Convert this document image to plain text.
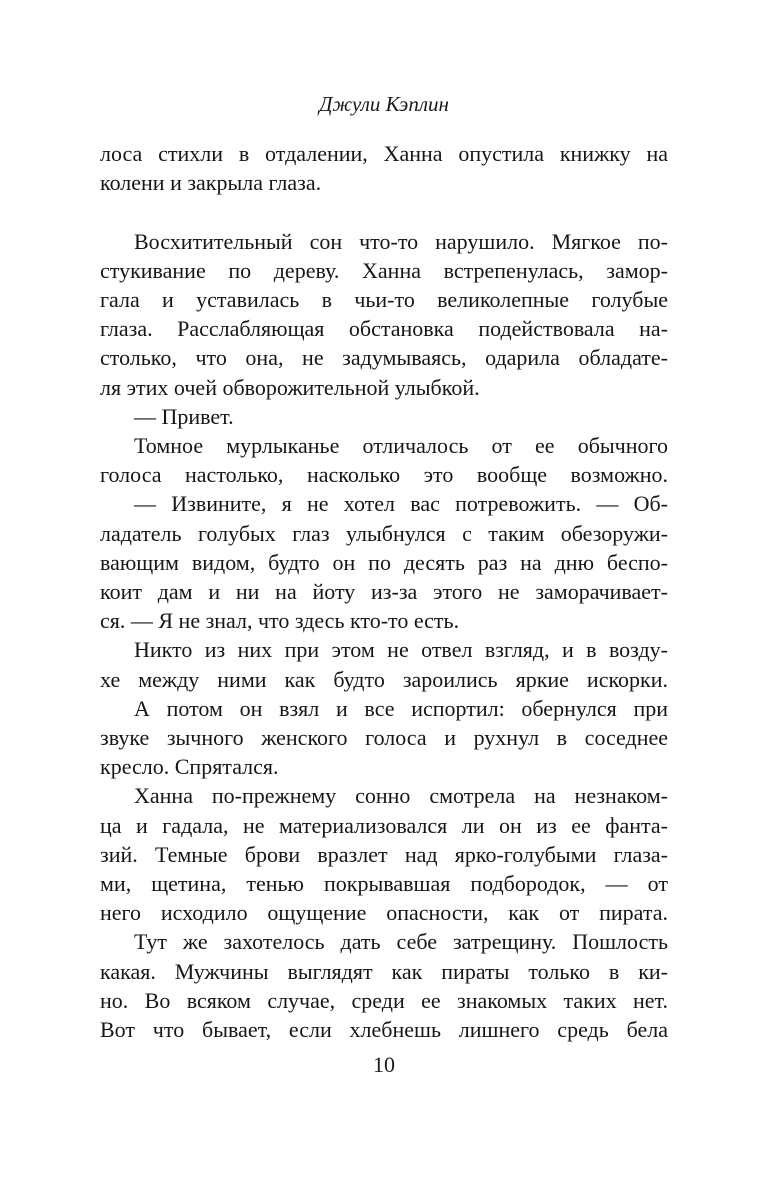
Джули Кэплин
лоса стихли в отдалении, Ханна опустила книжку на
колени и закрыла глаза.
Восхитительный сон что-то нарушило. Мягкое по-
стукивание по дереву. Ханна встрепенулась, замор-
гала и уставилась в чьи-то великолепные голубые
глаза. Расслабляющая обстановка подействовала на-
столько, что она, не задумываясь, одарила обладате-
ля этих очей обворожительной улыбкой.
— Привет.
Томное мурлыканье отличалось от ее обычного
голоса настолько, насколько это вообще возможно.
— Извините, я не хотел вас потревожить. — Об-
ладатель голубых глаз улыбнулся с таким обезоружи-
вающим видом, будто он по десять раз на дню беспо-
коит дам и ни на йоту из-за этого не заморачивает-
ся. — Я не знал, что здесь кто-то есть.
Никто из них при этом не отвел взгляд, и в возду-
хе между ними как будто зароились яркие искорки.
А потом он взял и все испортил: обернулся при
звуке зычного женского голоса и рухнул в соседнее
кресло. Спрятался.
Ханна по-прежнему сонно смотрела на незнаком-
ца и гадала, не материализовался ли он из ее фанта-
зий. Темные брови вразлет над ярко-голубыми глаза-
ми, щетина, тенью покрывавшая подбородок, — от
него исходило ощущение опасности, как от пирата.
Тут же захотелось дать себе затрещину. Пошлость
какая. Мужчины выглядят как пираты только в ки-
но. Во всяком случае, среди ее знакомых таких нет.
Вот что бывает, если хлебнешь лишнего средь бела
10
